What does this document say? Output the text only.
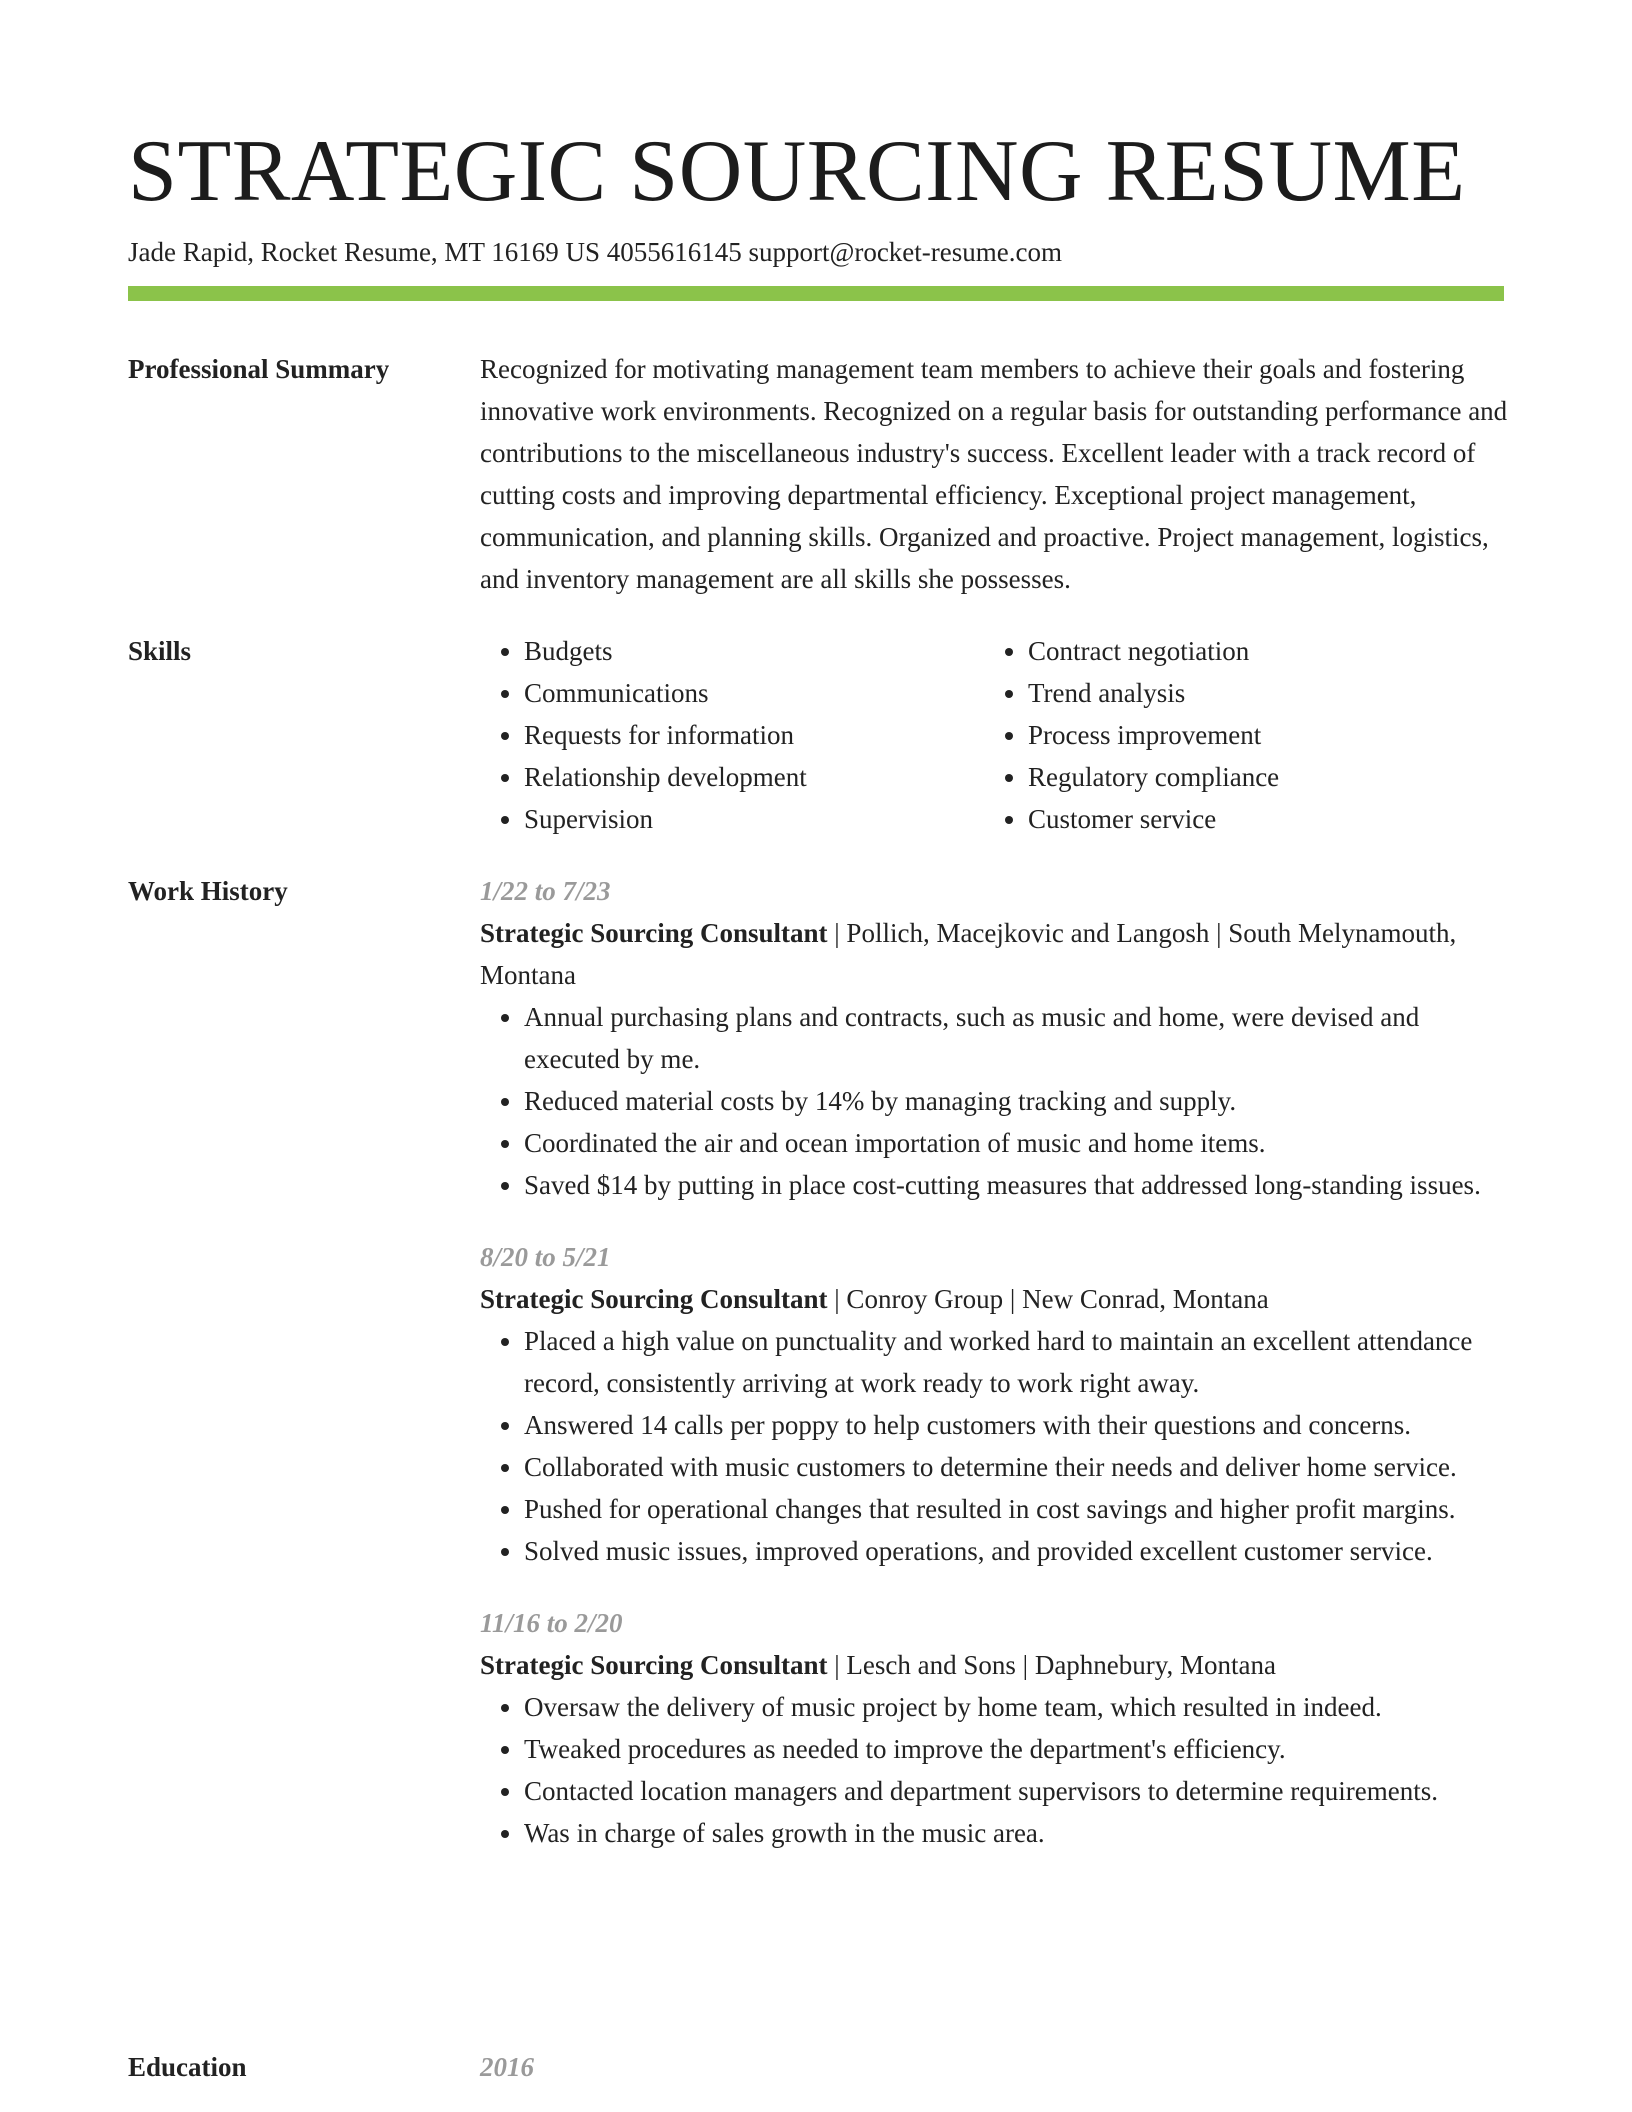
STRATEGIC SOURCING RESUME
Jade Rapid, Rocket Resume, MT 16169 US 4055616145 support@rocket-resume.com
Professional Summary	Recognized for motivating management team members to achieve their goals and fostering innovative work environments. Recognized on a regular basis for outstanding performance and contributions to the miscellaneous industry's success. Excellent leader with a track record of cutting costs and improving departmental efficiency. Exceptional project management, communication, and planning skills. Organized and proactive. Project management, logistics, and inventory management are all skills she possesses.

Skills
•	Budgets
• Communications
• Requests for information
• Relationship development
• Supervision
• Contract negotiation
• Trend analysis
• Process improvement
• Regulatory compliance
• Customer service
Work History	1/22 to 7/23
Strategic Sourcing Consultant | Pollich, Macejkovic and Langosh | South Melynamouth, Montana
• Annual purchasing plans and contracts, such as music and home, were devised and executed by me.
• Reduced material costs by 14% by managing tracking and supply.
• Coordinated the air and ocean importation of music and home items.
• Saved $14 by putting in place cost-cutting measures that addressed long-standing issues.
8/20 to 5/21
Strategic Sourcing Consultant | Conroy Group | New Conrad, Montana
• Placed a high value on punctuality and worked hard to maintain an excellent attendance record, consistently arriving at work ready to work right away.
• Answered 14 calls per poppy to help customers with their questions and concerns.
• Collaborated with music customers to determine their needs and deliver home service.
• Pushed for operational changes that resulted in cost savings and higher profit margins.
• Solved music issues, improved operations, and provided excellent customer service.
11/16 to 2/20
Strategic Sourcing Consultant | Lesch and Sons | Daphnebury, Montana
• Oversaw the delivery of music project by home team, which resulted in indeed.
• Tweaked procedures as needed to improve the department's efficiency.
• Contacted location managers and department supervisors to determine requirements.
• Was in charge of sales growth in the music area.
Education	2016
